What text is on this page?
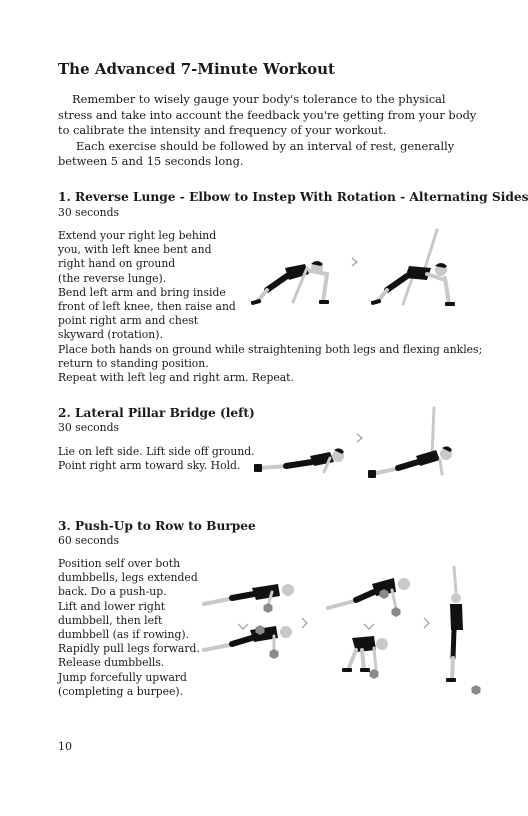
The Advanced 7-Minute Workout

Remember to wisely gauge your body's tolerance to the physical stress and take into account the feedback you're getting from your body to calibrate the intensity and frequency of your workout.

Each exercise should be followed by an interval of rest, generally between 5 and 15 seconds long.

1. Reverse Lunge - Elbow to Instep With Rotation - Alternating Sides
30 seconds
Extend your right leg behind
you, with left knee bent and
right hand on ground
(the reverse lunge).
Bend left arm and bring inside
front of left knee, then raise and
point right arm and chest
skyward (rotation).
Place both hands on ground while straightening both legs and flexing ankles;
return to standing position.
Repeat with left leg and right arm. Repeat.
2. Lateral Pillar Bridge (left)
30 seconds
Lie on left side. Lift side off ground.
Point right arm toward sky. Hold.
3. Push-Up to Row to Burpee
60 seconds
Position self over both
dumbbells, legs extended
back. Do a push-up.
Lift and lower right
dumbbell, then left
dumbbell (as if rowing).
Rapidly pull legs forward.
Release dumbbells.
Jump forcefully upward
(completing a burpee).
10
